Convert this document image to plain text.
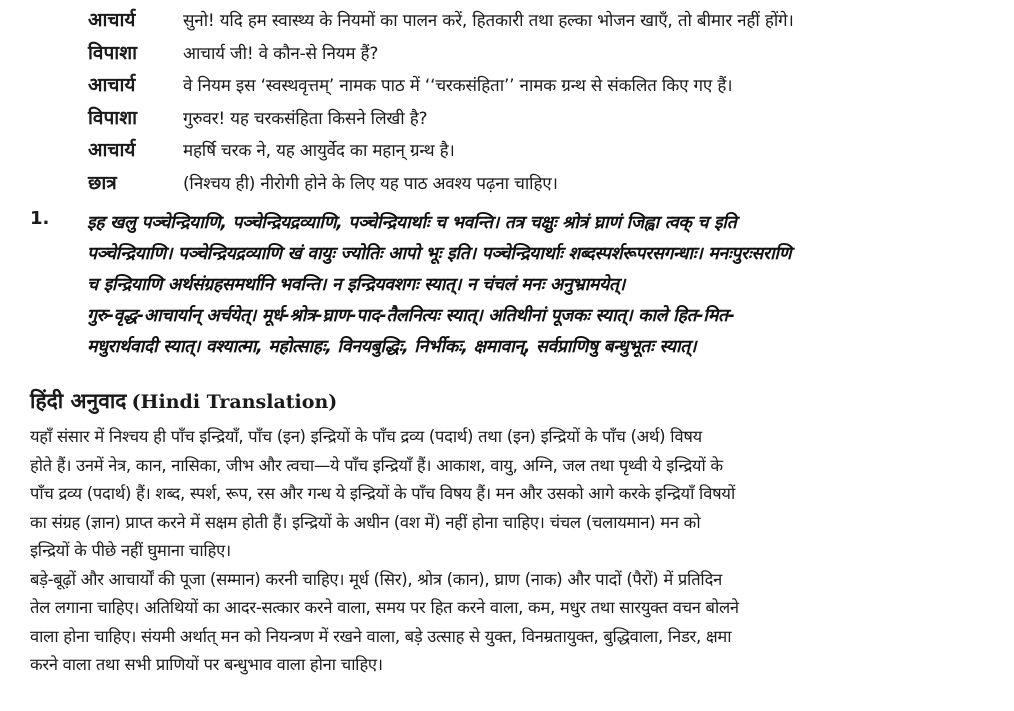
आचार्य	सुनो! यदि हम स्वास्थ्य के नियमों का पालन करें, हितकारी तथा हल्का भोजन खाएँ, तो बीमार नहीं होंगे।
विपाशा	आचार्य जी! वे कौन-से नियम हैं?
आचार्य	वे नियम इस ‘स्वस्थवृत्तम्’ नामक पाठ में ‘‘चरकसंहिता’’ नामक ग्रन्थ से संकलित किए गए हैं।
विपाशा	गुरुवर! यह चरकसंहिता किसने लिखी है?
आचार्य	महर्षि चरक ने, यह आयुर्वेद का महान् ग्रन्थ है।
छात्र	(निश्चय ही) नीरोगी होने के लिए यह पाठ अवश्य पढ़ना चाहिए।
1. इह खलु पञ्चेन्द्रियाणि, पञ्चेन्द्रियद्रव्याणि, पञ्चेन्द्रियार्थाः च भवन्ति। तत्र चक्षुः श्रोत्रं घ्राणं जिह्वा त्वक् च इति
पञ्चेन्द्रियाणि। पञ्चेन्द्रियद्रव्याणि खं वायुः ज्योतिः आपो भूः इति। पञ्चेन्द्रियार्थाः शब्दस्पर्शरूपरसगन्धाः। मनःपुरःसराणि
च इन्द्रियाणि अर्थसंग्रहसमर्थानि भवन्ति। न इन्द्रियवशगः स्यात्। न चंचलं मनः अनुभ्रामयेत्।
गुरु-वृद्ध-आचार्यान् अर्चयेत्। मूर्ध-श्रोत्र-घ्राण-पाद-तैलनित्यः स्यात्। अतिथीनां पूजकः स्यात्। काले हित-मित-
मधुरार्थवादी स्यात्। वश्यात्मा, महोत्साहः, विनयबुद्धिः, निर्भीकः, क्षमावान्, सर्वप्राणिषु बन्धुभूतः स्यात्।
हिंदी अनुवाद (Hindi Translation)
यहाँ संसार में निश्चय ही पाँच इन्द्रियाँ, पाँच (इन) इन्द्रियों के पाँच द्रव्य (पदार्थ) तथा (इन) इन्द्रियों के पाँच (अर्थ) विषय
होते हैं। उनमें नेत्र, कान, नासिका, जीभ और त्वचा—ये पाँच इन्द्रियाँ हैं। आकाश, वायु, अग्नि, जल तथा पृथ्वी ये इन्द्रियों के
पाँच द्रव्य (पदार्थ) हैं। शब्द, स्पर्श, रूप, रस और गन्ध ये इन्द्रियों के पाँच विषय हैं। मन और उसको आगे करके इन्द्रियाँ विषयों
का संग्रह (ज्ञान) प्राप्त करने में सक्षम होती हैं। इन्द्रियों के अधीन (वश में) नहीं होना चाहिए। चंचल (चलायमान) मन को
इन्द्रियों के पीछे नहीं घुमाना चाहिए।
बड़े-बूढ़ों और आचार्यों की पूजा (सम्मान) करनी चाहिए। मूर्ध (सिर), श्रोत्र (कान), घ्राण (नाक) और पादों (पैरों) में प्रतिदिन
तेल लगाना चाहिए। अतिथियों का आदर-सत्कार करने वाला, समय पर हित करने वाला, कम, मधुर तथा सारयुक्त वचन बोलने
वाला होना चाहिए। संयमी अर्थात् मन को नियन्त्रण में रखने वाला, बड़े उत्साह से युक्त, विनम्रतायुक्त, बुद्धिवाला, निडर, क्षमा
करने वाला तथा सभी प्राणियों पर बन्धुभाव वाला होना चाहिए।
